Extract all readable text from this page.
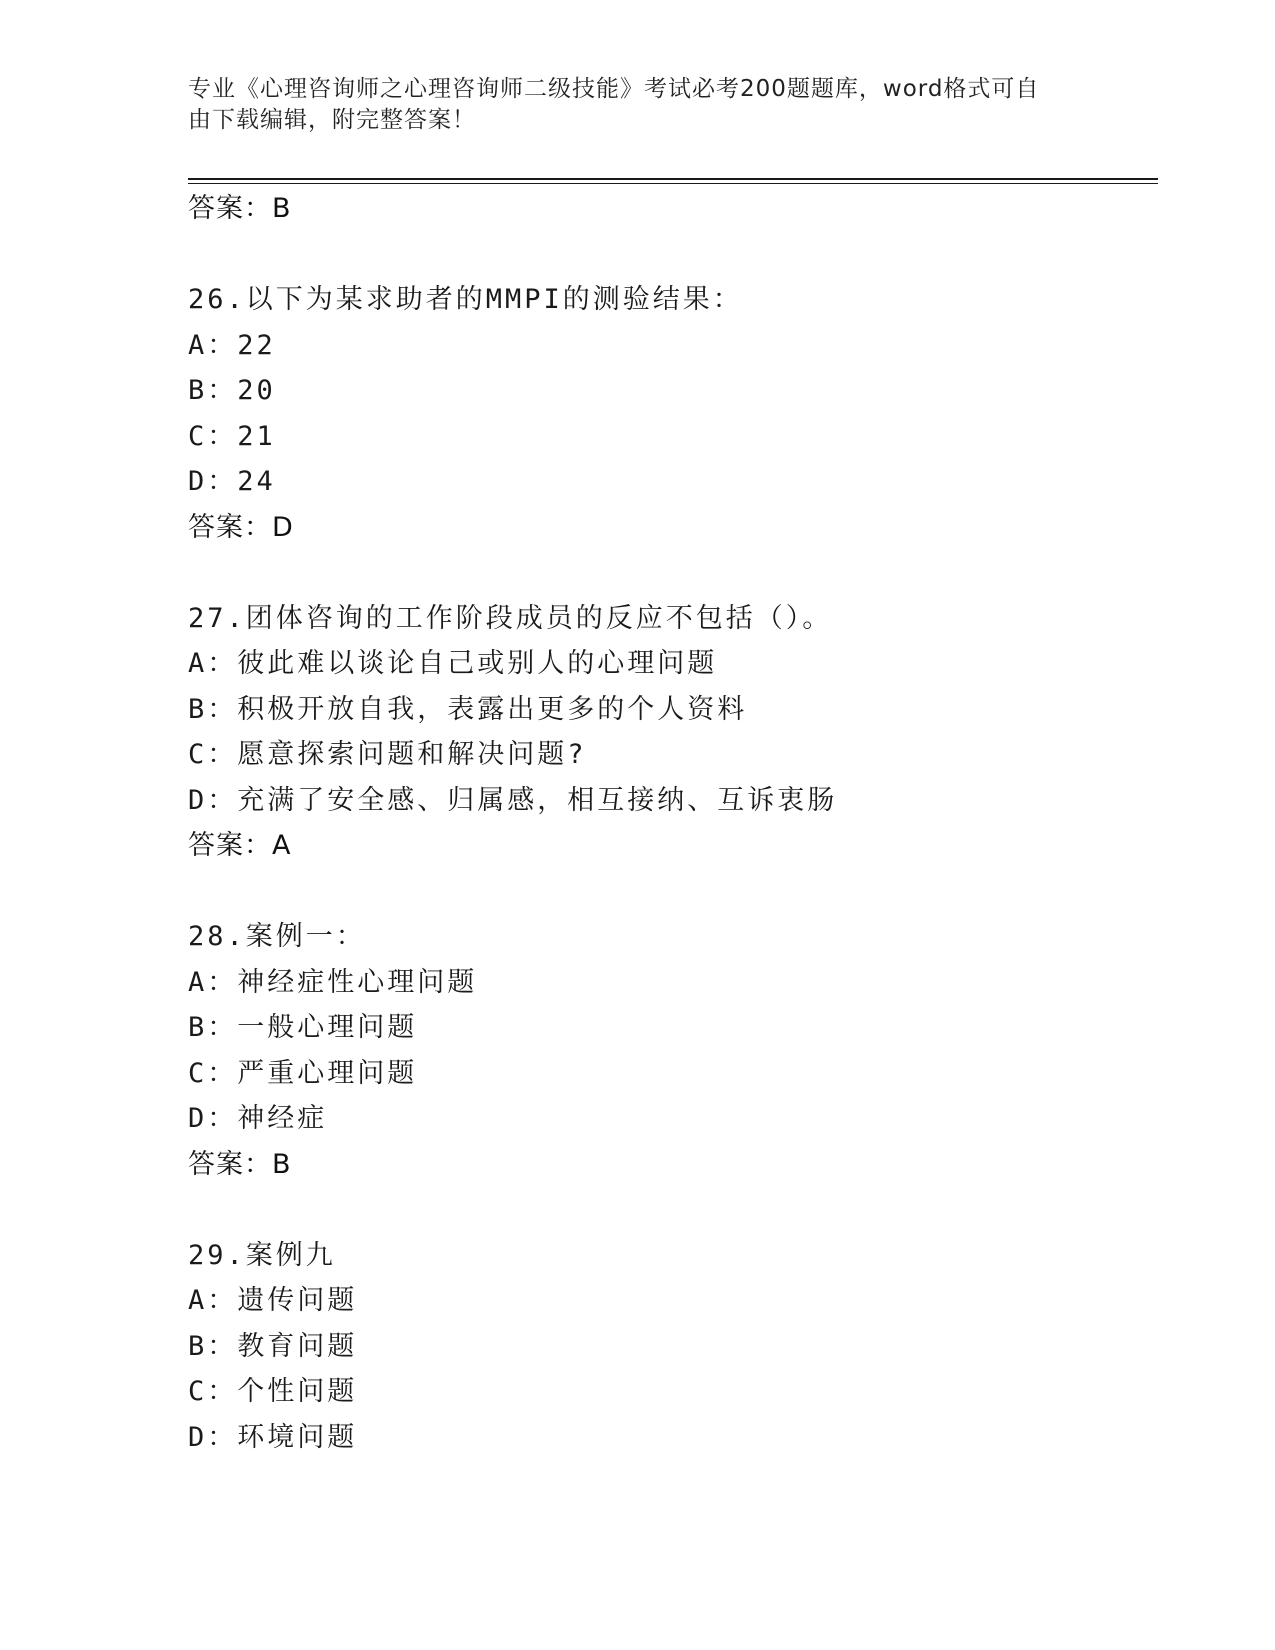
专业《心理咨询师之心理咨询师二级技能》考试必考200题题库，word格式可自
由下载编辑，附完整答案！
答案：B
26.以下为某求助者的MMPI的测验结果：
A：22
B：20
C：21
D：24
答案：D
27.团体咨询的工作阶段成员的反应不包括（）。
A：彼此难以谈论自己或别人的心理问题
B：积极开放自我，表露出更多的个人资料
C：愿意探索问题和解决问题?
D：充满了安全感、归属感，相互接纳、互诉衷肠
答案：A
28.案例一：
A：神经症性心理问题
B：一般心理问题
C：严重心理问题
D：神经症
答案：B
29.案例九
A：遗传问题
B：教育问题
C：个性问题
D：环境问题
